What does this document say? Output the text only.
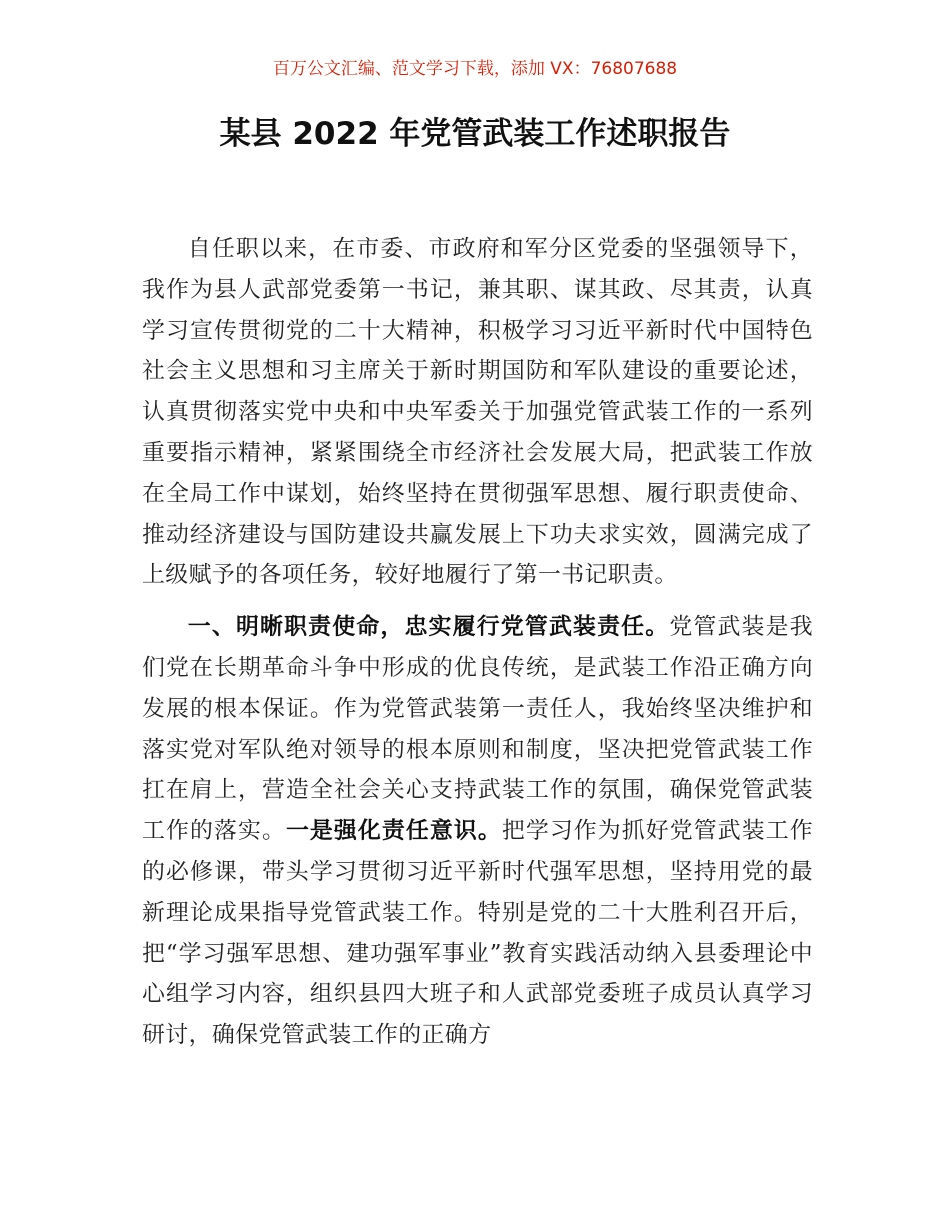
百万公文汇编、范文学习下载，添加 VX：76807688
某县 2022 年党管武装工作述职报告

自任职以来，在市委、市政府和军分区党委的坚强领导下，我作为县人武部党委第一书记，兼其职、谋其政、尽其责，认真学习宣传贯彻党的二十大精神，积极学习习近平新时代中国特色社会主义思想和习主席关于新时期国防和军队建设的重要论述，认真贯彻落实党中央和中央军委关于加强党管武装工作的一系列重要指示精神，紧紧围绕全市经济社会发展大局，把武装工作放在全局工作中谋划，始终坚持在贯彻强军思想、履行职责使命、推动经济建设与国防建设共赢发展上下功夫求实效，圆满完成了上级赋予的各项任务，较好地履行了第一书记职责。

一、明晰职责使命，忠实履行党管武装责任。党管武装是我们党在长期革命斗争中形成的优良传统，是武装工作沿正确方向发展的根本保证。作为党管武装第一责任人，我始终坚决维护和落实党对军队绝对领导的根本原则和制度，坚决把党管武装工作扛在肩上，营造全社会关心支持武装工作的氛围，确保党管武装工作的落实。一是强化责任意识。把学习作为抓好党管武装工作的必修课，带头学习贯彻习近平新时代强军思想，坚持用党的最新理论成果指导党管武装工作。特别是党的二十大胜利召开后，把“学习强军思想、建功强军事业”教育实践活动纳入县委理论中心组学习内容，组织县四大班子和人武部党委班子成员认真学习研讨，确保党管武装工作的正确方
